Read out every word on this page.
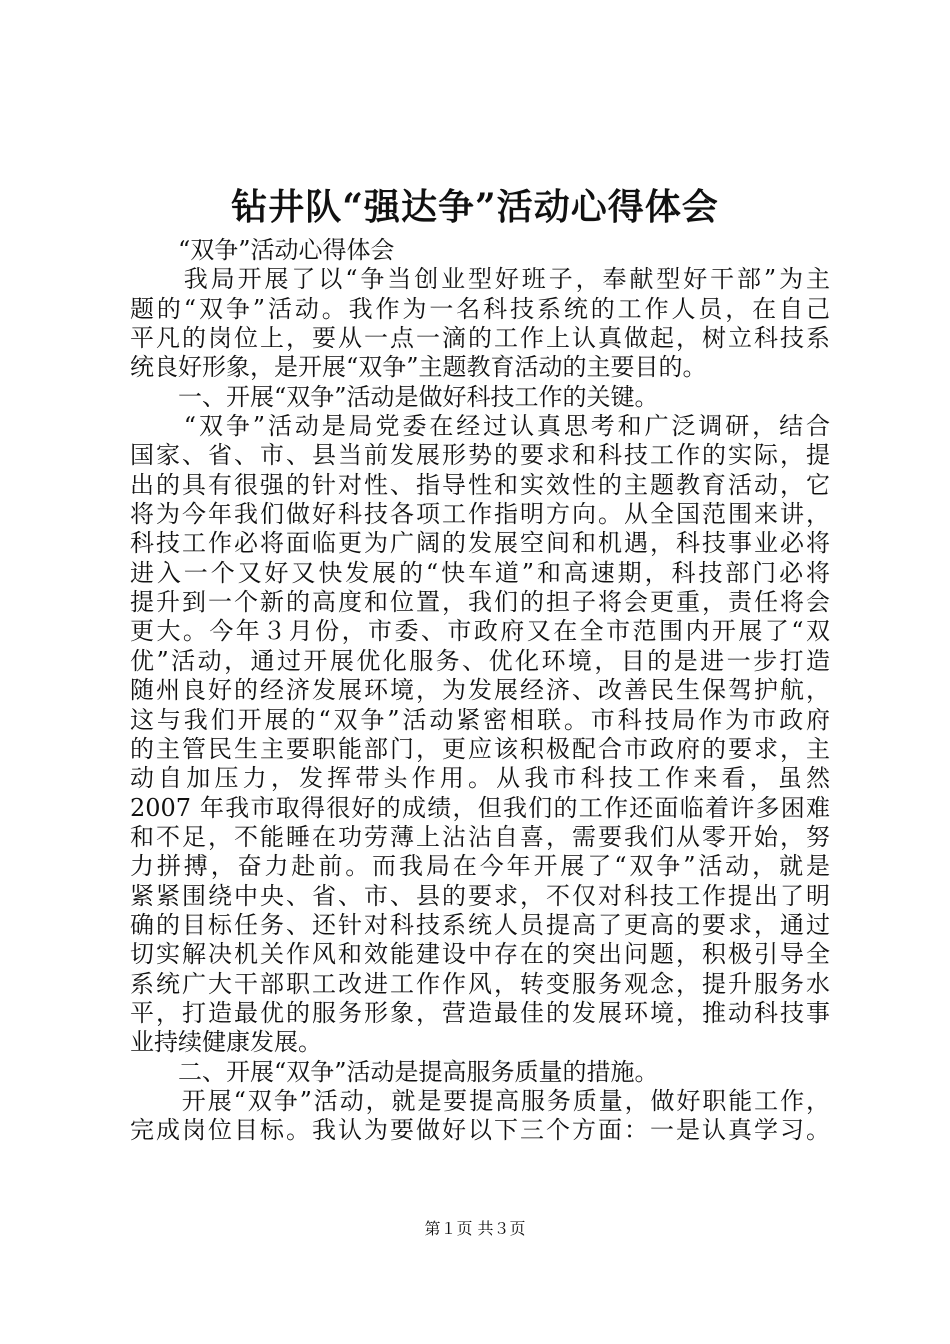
钻井队“强达争”活动心得体会
　　“双争”活动心得体会
　　我局开展了以“争当创业型好班子，奉献型好干部”为主
题的“双争”活动。我作为一名科技系统的工作人员，在自己
平凡的岗位上，要从一点一滴的工作上认真做起，树立科技系
统良好形象，是开展“双争”主题教育活动的主要目的。
　　一、开展“双争”活动是做好科技工作的关键。
　　“双争”活动是局党委在经过认真思考和广泛调研，结合
国家、省、市、县当前发展形势的要求和科技工作的实际，提
出的具有很强的针对性、指导性和实效性的主题教育活动，它
将为今年我们做好科技各项工作指明方向。从全国范围来讲，
科技工作必将面临更为广阔的发展空间和机遇，科技事业必将
进入一个又好又快发展的“快车道”和高速期，科技部门必将
提升到一个新的高度和位置，我们的担子将会更重，责任将会
更大。今年３月份，市委、市政府又在全市范围内开展了“双
优”活动，通过开展优化服务、优化环境，目的是进一步打造
随州良好的经济发展环境，为发展经济、改善民生保驾护航，
这与我们开展的“双争”活动紧密相联。市科技局作为市政府
的主管民生主要职能部门，更应该积极配合市政府的要求，主
动自加压力，发挥带头作用。从我市科技工作来看，虽然
2007 年我市取得很好的成绩，但我们的工作还面临着许多困难
和不足，不能睡在功劳薄上沾沾自喜，需要我们从零开始，努
力拼搏，奋力赴前。而我局在今年开展了“双争”活动，就是
紧紧围绕中央、省、市、县的要求，不仅对科技工作提出了明
确的目标任务、还针对科技系统人员提高了更高的要求，通过
切实解决机关作风和效能建设中存在的突出问题，积极引导全
系统广大干部职工改进工作作风，转变服务观念，提升服务水
平，打造最优的服务形象，营造最佳的发展环境，推动科技事
业持续健康发展。
　　二、开展“双争”活动是提高服务质量的措施。
　　开展“双争”活动，就是要提高服务质量，做好职能工作，
完成岗位目标。我认为要做好以下三个方面：一是认真学习。
第１页 共３页
